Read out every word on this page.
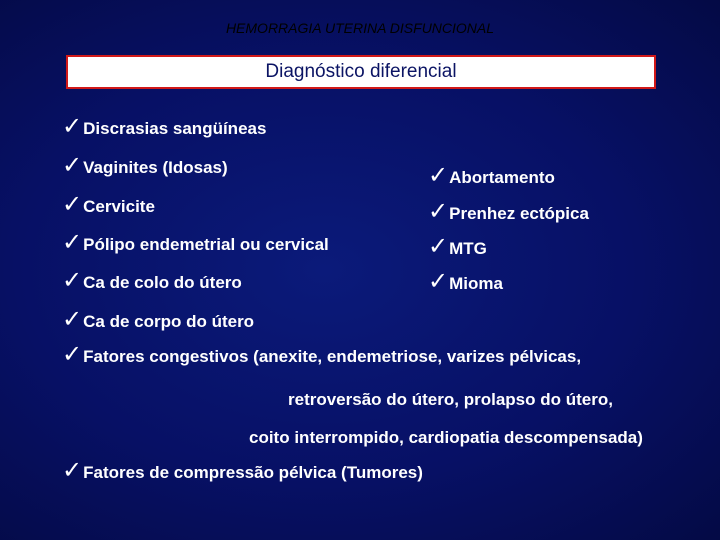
HEMORRAGIA UTERINA DISFUNCIONAL
Diagnóstico diferencial
✓ Discrasias sangüíneas
✓ Vaginites (Idosas)
✓ Cervicite
✓ Pólipo endemetrial ou cervical
✓ Ca de colo do útero
✓ Ca de corpo do útero
✓ Fatores congestivos (anexite, endemetriose, varizes pélvicas,
retroversão do útero, prolapso do útero,
coito interrompido, cardiopatia descompensada)
✓ Fatores de compressão pélvica (Tumores)
✓ Abortamento
✓ Prenhez ectópica
✓ MTG
✓ Mioma
